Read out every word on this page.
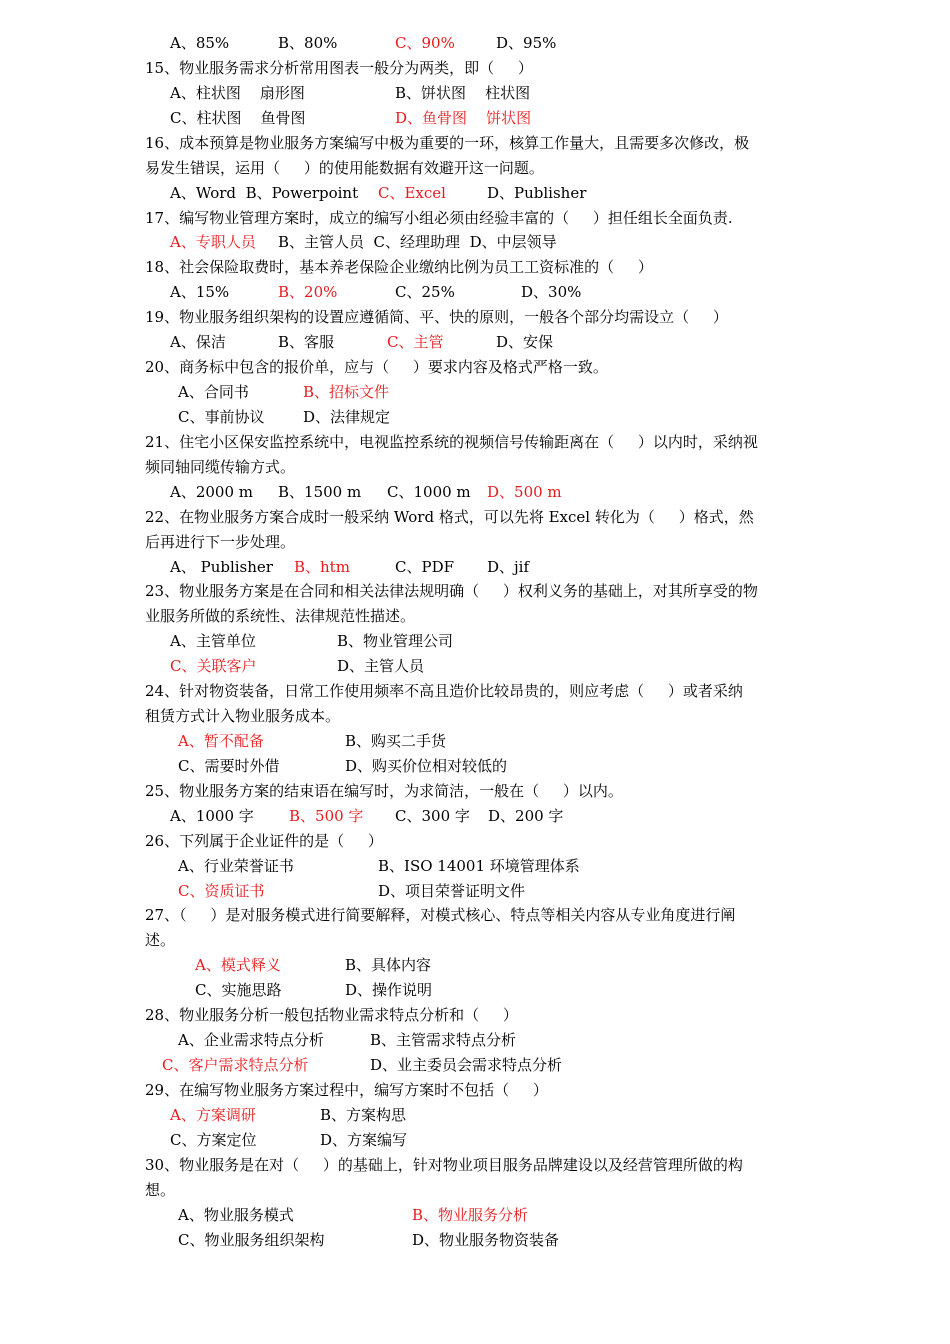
A、85%	B、80%	C、90%	D、95%
15、物业服务需求分析常用图表一般分为两类，即（     ）
A、柱状图    扇形图	B、饼状图    柱状图
C、柱状图    鱼骨图	D、鱼骨图    饼状图
16、成本预算是物业服务方案编写中极为重要的一环，核算工作量大，且需要多次修改，极
易发生错误，运用（     ）的使用能数据有效避开这一问题。
A、Word  B、Powerpoint C、Excel	D、Publisher
17、编写物业管理方案时，成立的编写小组必须由经验丰富的（     ）担任组长全面负责.
A、专职人员 B、主管人员  C、经理助理  D、中层领导
18、社会保险取费时，基本养老保险企业缴纳比例为员工工资标准的（     ）
A、15%	B、20%	C、25%	D、30%
19、物业服务组织架构的设置应遵循简、平、快的原则，一般各个部分均需设立（     ）
A、保洁	B、客服	C、主管	D、安保
20、商务标中包含的报价单，应与（     ）要求内容及格式严格一致。
A、合同书	B、招标文件
C、事前协议	D、法律规定
21、住宅小区保安监控系统中，电视监控系统的视频信号传输距离在（     ）以内时，采纳视
频同轴同缆传输方式。
A、2000 m B、1500 m C、1000 m D、500 m
22、在物业服务方案合成时一般采纳 Word 格式，可以先将 Excel 转化为（     ）格式，然
后再进行下一步处理。
A、 Publisher B、htm	C、PDF D、jif
23、物业服务方案是在合同和相关法律法规明确（     ）权利义务的基础上，对其所享受的物
业服务所做的系统性、法律规范性描述。
A、主管单位	B、物业管理公司
C、关联客户	D、主管人员
24、针对物资装备，日常工作使用频率不高且造价比较昂贵的，则应考虑（     ）或者采纳
租赁方式计入物业服务成本。
A、暂不配备	B、购买二手货
C、需要时外借	D、购买价位相对较低的
25、物业服务方案的结束语在编写时，为求简洁，一般在（     ）以内。
A、1000 字 B、500 字 C、300 字 D、200 字
26、下列属于企业证件的是（     ）
A、行业荣誉证书	B、ISO 14001 环境管理体系
C、资质证书	D、项目荣誉证明文件
27、（     ）是对服务模式进行简要解释，对模式核心、特点等相关内容从专业角度进行阐
述。
A、模式释义	B、具体内容
C、实施思路	D、操作说明
28、物业服务分析一般包括物业需求特点分析和（     ）
A、企业需求特点分析	B、主管需求特点分析
C、客户需求特点分析	D、业主委员会需求特点分析
29、在编写物业服务方案过程中，编写方案时不包括（     ）
A、方案调研	B、方案构思
C、方案定位	D、方案编写
30、物业服务是在对（     ）的基础上，针对物业项目服务品牌建设以及经营管理所做的构
想。
A、物业服务模式	B、物业服务分析
C、物业服务组织架构	D、物业服务物资装备
